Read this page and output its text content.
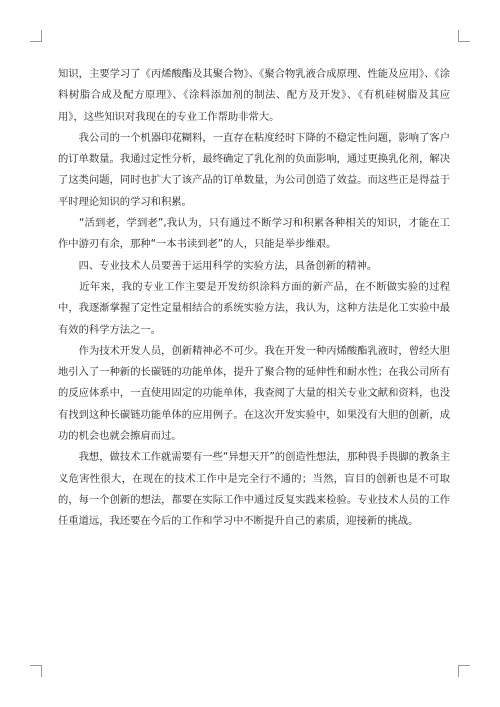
知识，主要学习了《丙烯酸酯及其聚合物》、《聚合物乳液合成原理、性能及应用》、《涂料树脂合成及配方原理》、《涂料添加剂的制法、配方及开发》、《有机硅树脂及其应用》，这些知识对我现在的专业工作帮助非常大。

　　我公司的一个机器印花糊料，一直存在粘度经时下降的不稳定性问题，影响了客户的订单数量。我通过定性分析，最终确定了乳化剂的负面影响，通过更换乳化剂，解决了这类问题，同时也扩大了该产品的订单数量，为公司创造了效益。而这些正是得益于平时理论知识的学习和积累。

　　“活到老，学到老”,我认为，只有通过不断学习和积累各种相关的知识，才能在工作中游刃有余，那种“一本书读到老”的人，只能是举步维艰。

　　四、专业技术人员要善于运用科学的实验方法，具备创新的精神。

　　近年来，我的专业工作主要是开发纺织涂料方面的新产品，在不断做实验的过程中，我逐渐掌握了定性定量相结合的系统实验方法，我认为，这种方法是化工实验中最有效的科学方法之一。

　　作为技术开发人员，创新精神必不可少。我在开发一种丙烯酸酯乳液时，曾经大胆地引入了一种新的长碳链的功能单体，提升了聚合物的延伸性和耐水性；在我公司所有的反应体系中，一直使用固定的功能单体，我查阅了大量的相关专业文献和资料，也没有找到这种长碳链功能单体的应用例子。在这次开发实验中，如果没有大胆的创新，成功的机会也就会擦肩而过。

　　我想，做技术工作就需要有一些“异想天开”的创造性想法，那种畏手畏脚的教条主义危害性很大，在现在的技术工作中是完全行不通的；当然，盲目的创新也是不可取的，每一个创新的想法，都要在实际工作中通过反复实践来检验。专业技术人员的工作任重道远，我还要在今后的工作和学习中不断提升自己的素质，迎接新的挑战。
